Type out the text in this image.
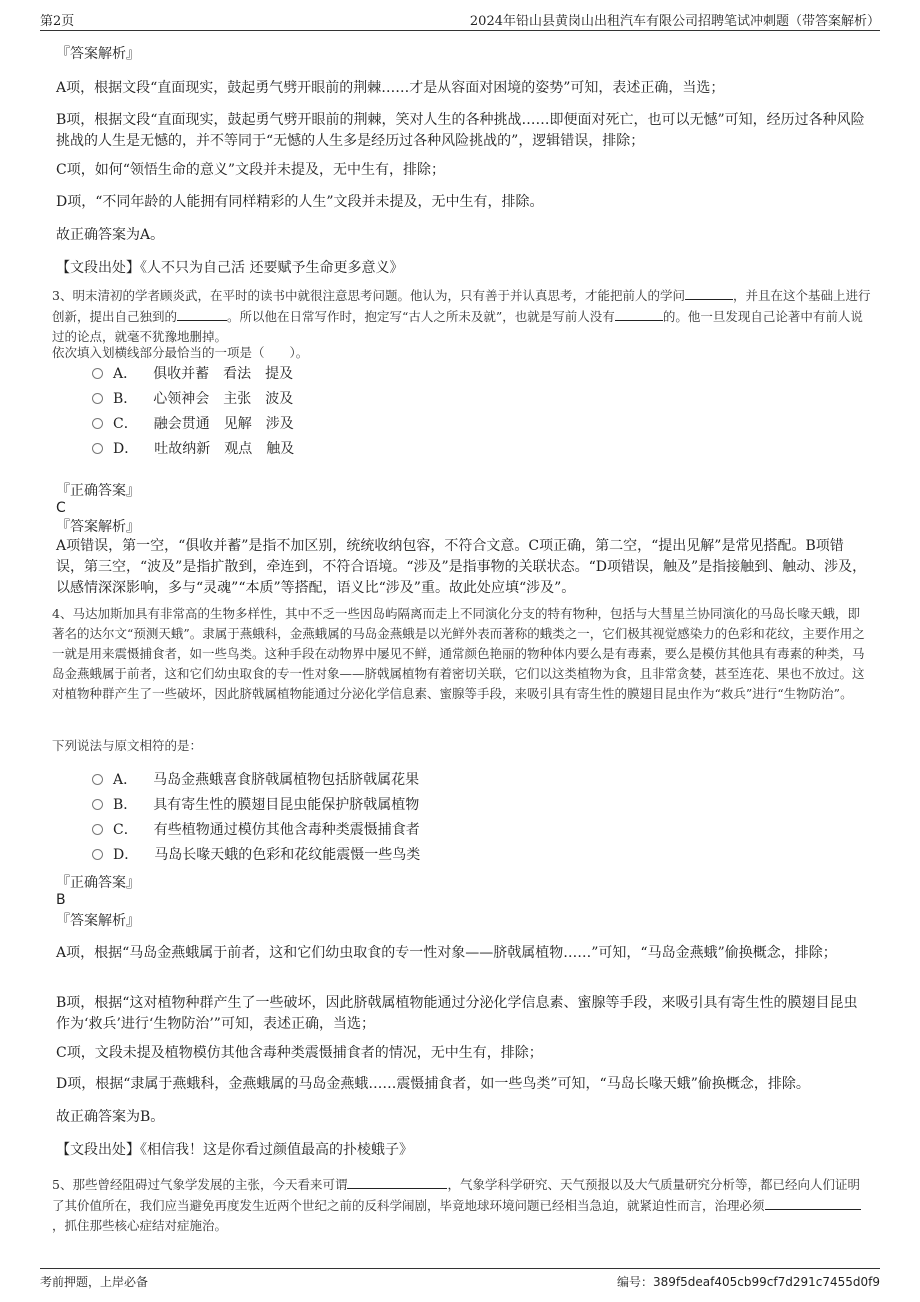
第2页	2024年铅山县黄岗山出租汽车有限公司招聘笔试冲刺题（带答案解析）
『答案解析』

A项，根据文段“直面现实，鼓起勇气劈开眼前的荆棘……才是从容面对困境的姿势”可知，表述正确，当选；

B项，根据文段“直面现实，鼓起勇气劈开眼前的荆棘，笑对人生的各种挑战……即便面对死亡，也可以无憾”可知，经历过各种风险挑战的人生是无憾的，并不等同于“无憾的人生多是经历过各种风险挑战的”，逻辑错误，排除；

C项，如何“领悟生命的意义”文段并未提及，无中生有，排除；

D项，“不同年龄的人能拥有同样精彩的人生”文段并未提及，无中生有，排除。

故正确答案为A。

【文段出处】《人不只为自己活 还要赋予生命更多意义》

3、明末清初的学者顾炎武，在平时的读书中就很注意思考问题。他认为，只有善于并认真思考，才能把前人的学问	，并且在这个基础上进行创新，提出自己独到的	。所以他在日常写作时，抱定写“古人之所未及就”，也就是写前人没有	的。他一旦发现自己论著中有前人说过的论点，就毫不犹豫地删掉。

依次填入划横线部分最恰当的一项是（　　）。

A． 俱收并蓄　看法　提及
B． 心领神会　主张　波及
C． 融会贯通　见解　涉及
D． 吐故纳新　观点　触及
『正确答案』
C
『答案解析』

A项错误，第一空，“俱收并蓄”是指不加区别，统统收纳包容，不符合文意。C项正确，第二空，“提出见解”是常见搭配。B项错误，第三空，“波及”是指扩散到，牵连到，不符合语境。“涉及”是指事物的关联状态。“D项错误，触及”是指接触到、触动、涉及，以感情深深影响，多与“灵魂”“本质”等搭配，语义比“涉及”重。故此处应填“涉及”。

4、马达加斯加具有非常高的生物多样性，其中不乏一些因岛屿隔离而走上不同演化分支的特有物种，包括与大彗星兰协同演化的马岛长喙天蛾，即著名的达尔文“预测天蛾”。隶属于燕蛾科，金燕蛾属的马岛金燕蛾是以光鲜外表而著称的蛾类之一，它们极其视觉感染力的色彩和花纹，主要作用之一就是用来震慑捕食者，如一些鸟类。这种手段在动物界中屡见不鲜，通常颜色艳丽的物种体内要么是有毒素，要么是模仿其他具有毒素的种类，马岛金燕蛾属于前者，这和它们幼虫取食的专一性对象——脐戟属植物有着密切关联，它们以这类植物为食，且非常贪婪，甚至连花、果也不放过。这对植物种群产生了一些破坏，因此脐戟属植物能通过分泌化学信息素、蜜腺等手段，来吸引具有寄生性的膜翅目昆虫作为“救兵”进行“生物防治”。

下列说法与原文相符的是：

A． 马岛金燕蛾喜食脐戟属植物包括脐戟属花果
B． 具有寄生性的膜翅目昆虫能保护脐戟属植物
C． 有些植物通过模仿其他含毒种类震慑捕食者
D． 马岛长喙天蛾的色彩和花纹能震慑一些鸟类
『正确答案』
B
『答案解析』

A项，根据“马岛金燕蛾属于前者，这和它们幼虫取食的专一性对象——脐戟属植物……”可知，“马岛金燕蛾”偷换概念，排除；

B项，根据“这对植物种群产生了一些破坏，因此脐戟属植物能通过分泌化学信息素、蜜腺等手段，来吸引具有寄生性的膜翅目昆虫作为‘救兵’进行‘生物防治’”可知，表述正确，当选；

C项，文段未提及植物模仿其他含毒种类震慑捕食者的情况，无中生有，排除；

D项，根据“隶属于燕蛾科，金燕蛾属的马岛金燕蛾……震慑捕食者，如一些鸟类”可知，“马岛长喙天蛾”偷换概念，排除。

故正确答案为B。

【文段出处】《相信我！这是你看过颜值最高的扑棱蛾子》

5、那些曾经阻碍过气象学发展的主张，今天看来可谓	，气象学科学研究、天气预报以及大气质量研究分析等，都已经向人们证明了其价值所在，我们应当避免再度发生近两个世纪之前的反科学闹剧，毕竟地球环境问题已经相当急迫，就紧迫性而言，治理必须，抓住那些核心症结对症施治。

考前押题，上岸必备	编号：389f5deaf405cb99cf7d291c7455d0f9
